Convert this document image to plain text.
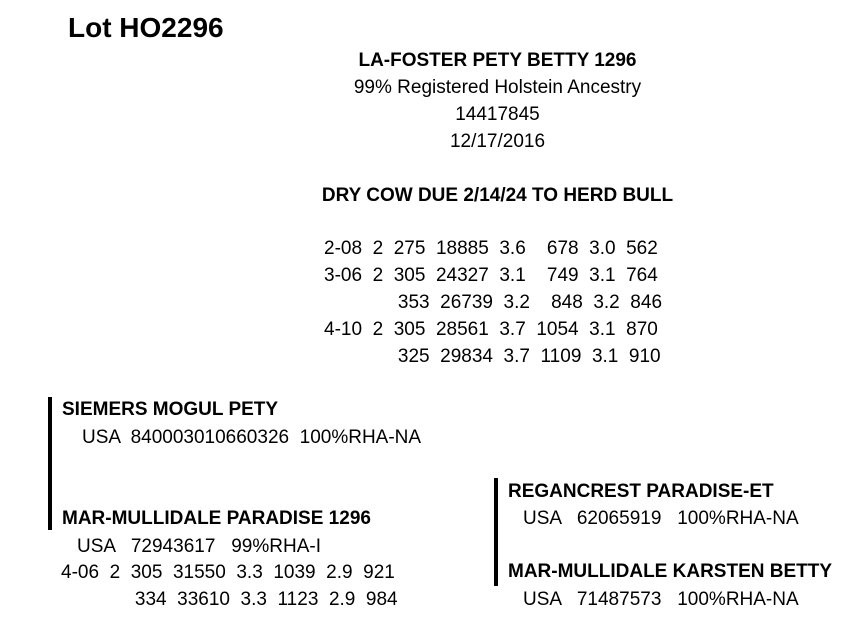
Lot HO2296
LA-FOSTER PETY BETTY 1296
99% Registered Holstein Ancestry
14417845
12/17/2016
DRY COW DUE 2/14/24 TO HERD BULL
2-08  2  275  18885  3.6    678  3.0  562
3-06  2  305  24327  3.1    749  3.1  764
353  26739  3.2    848  3.2  846
4-10  2  305  28561  3.7  1054  3.1  870
325  29834  3.7  1109  3.1  910
SIEMERS MOGUL PETY
USA  840003010660326  100%RHA-NA
MAR-MULLIDALE PARADISE 1296
USA   72943617   99%RHA-I
4-06  2  305  31550  3.3  1039  2.9  921
334  33610  3.3  1123  2.9  984
REGANCREST PARADISE-ET
USA   62065919   100%RHA-NA
MAR-MULLIDALE KARSTEN BETTY
USA   71487573   100%RHA-NA
